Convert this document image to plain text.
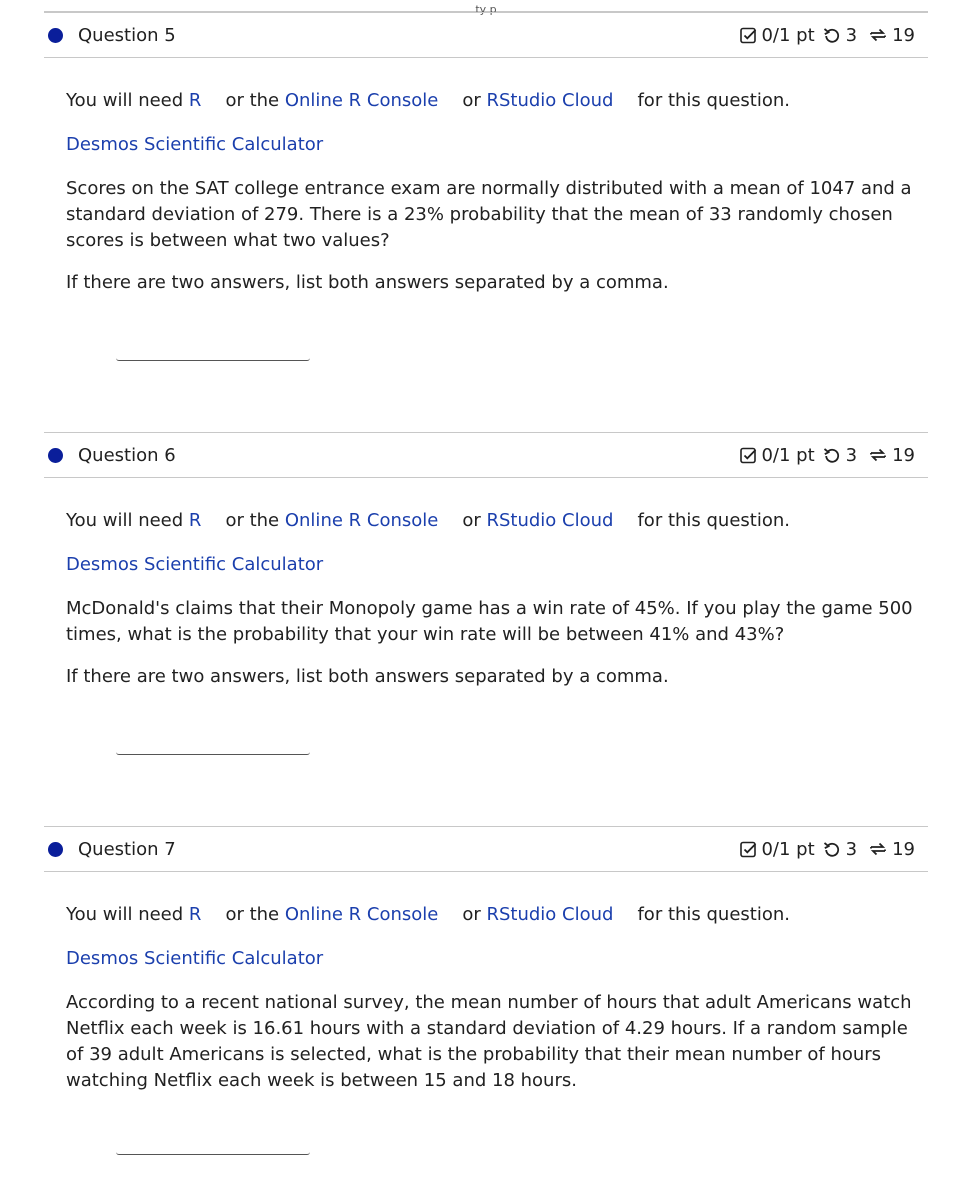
ty p
Question 5	0/1 pt 3 19
You will need R or the Online R Console or RStudio Cloud for this question.
Desmos Scientific Calculator
Scores on the SAT college entrance exam are normally distributed with a mean of 1047 and a standard deviation of 279. There is a 23% probability that the mean of 33 randomly chosen scores is between what two values?
If there are two answers, list both answers separated by a comma.
Question 6	0/1 pt 3 19
You will need R or the Online R Console or RStudio Cloud for this question.
Desmos Scientific Calculator
McDonald's claims that their Monopoly game has a win rate of 45%. If you play the game 500 times, what is the probability that your win rate will be between 41% and 43%?
If there are two answers, list both answers separated by a comma.
Question 7	0/1 pt 3 19
You will need R or the Online R Console or RStudio Cloud for this question.
Desmos Scientific Calculator
According to a recent national survey, the mean number of hours that adult Americans watch Netflix each week is 16.61 hours with a standard deviation of 4.29 hours. If a random sample of 39 adult Americans is selected, what is the probability that their mean number of hours watching Netflix each week is between 15 and 18 hours.
